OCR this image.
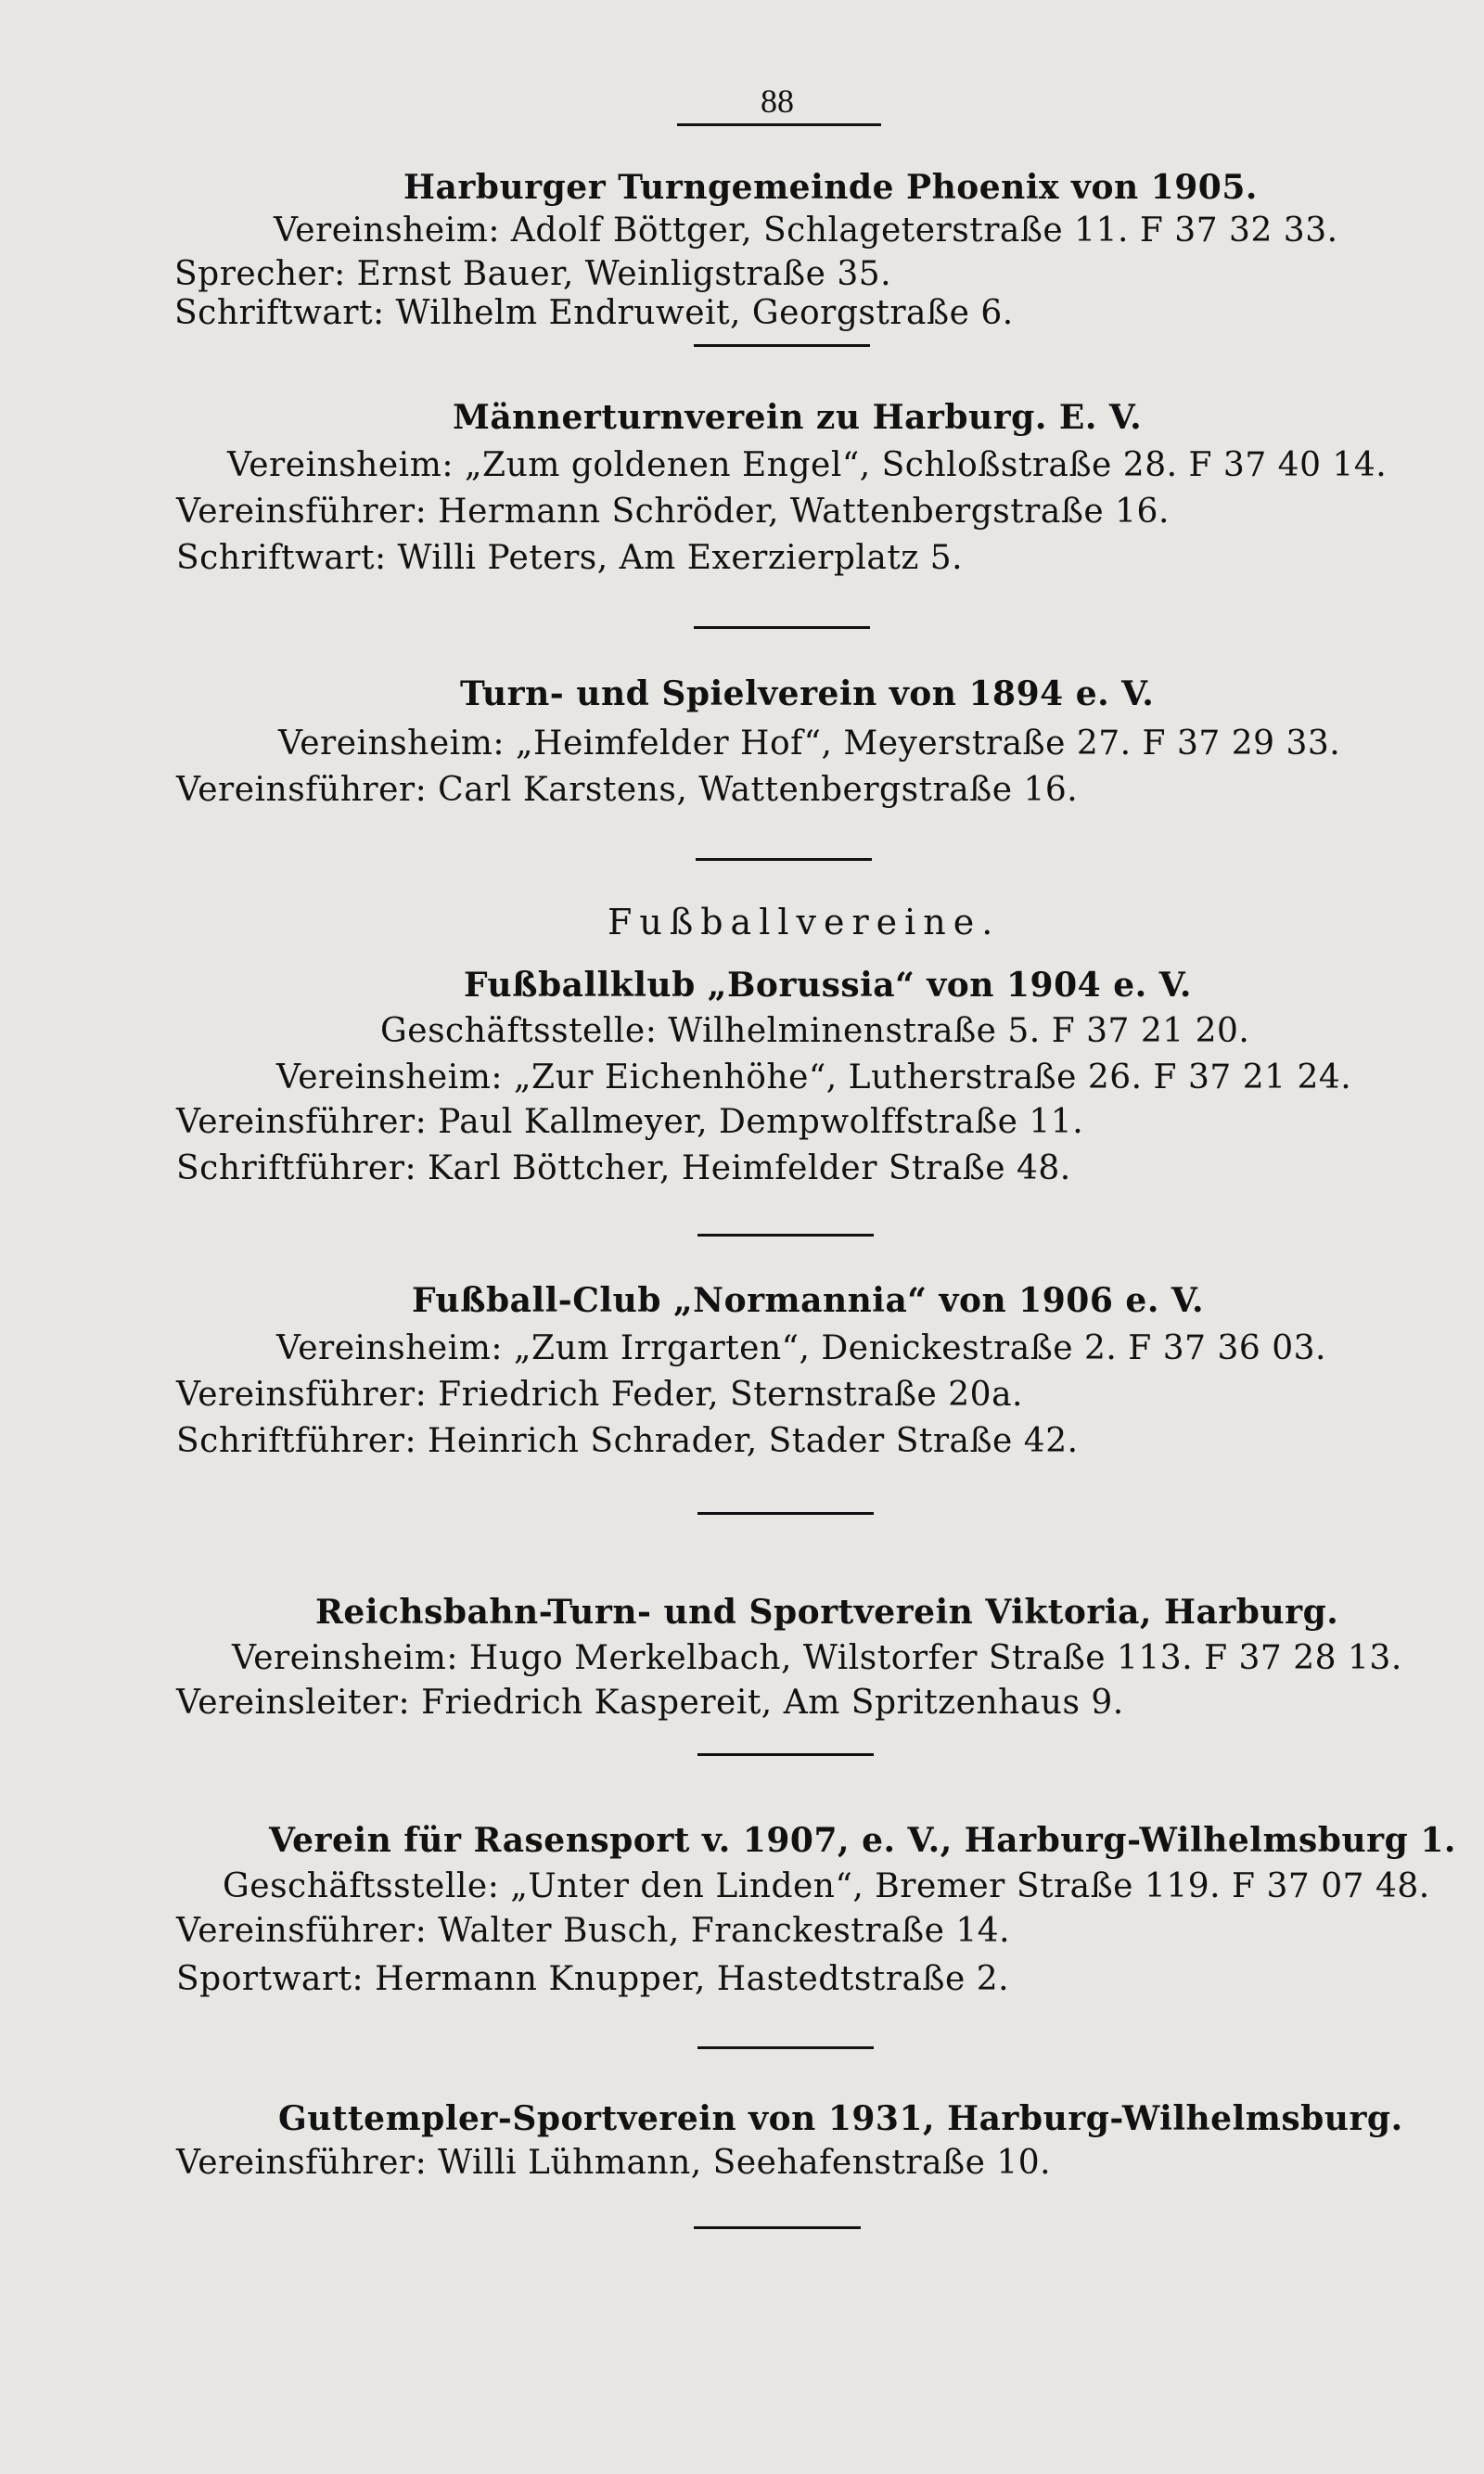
88
Harburger Turngemeinde Phoenix von 1905.
Vereinsheim: Adolf Böttger, Schlageterstraße 11. F 37 32 33.
Sprecher: Ernst Bauer, Weinligstraße 35.
Schriftwart: Wilhelm Endruweit, Georgstraße 6.
Männerturnverein zu Harburg. E. V.
Vereinsheim: „Zum goldenen Engel“, Schloßstraße 28. F 37 40 14.
Vereinsführer: Hermann Schröder, Wattenbergstraße 16.
Schriftwart: Willi Peters, Am Exerzierplatz 5.
Turn- und Spielverein von 1894 e. V.
Vereinsheim: „Heimfelder Hof“, Meyerstraße 27. F 37 29 33.
Vereinsführer: Carl Karstens, Wattenbergstraße 16.
Fußballvereine.
Fußballklub „Borussia“ von 1904 e. V.
Geschäftsstelle: Wilhelminenstraße 5. F 37 21 20.
Vereinsheim: „Zur Eichenhöhe“, Lutherstraße 26. F 37 21 24.
Vereinsführer: Paul Kallmeyer, Dempwolffstraße 11.
Schriftführer: Karl Böttcher, Heimfelder Straße 48.
Fußball-Club „Normannia“ von 1906 e. V.
Vereinsheim: „Zum Irrgarten“, Denickestraße 2. F 37 36 03.
Vereinsführer: Friedrich Feder, Sternstraße 20a.
Schriftführer: Heinrich Schrader, Stader Straße 42.
Reichsbahn-Turn- und Sportverein Viktoria, Harburg.
Vereinsheim: Hugo Merkelbach, Wilstorfer Straße 113. F 37 28 13.
Vereinsleiter: Friedrich Kaspereit, Am Spritzenhaus 9.
Verein für Rasensport v. 1907, e. V., Harburg-Wilhelmsburg 1.
Geschäftsstelle: „Unter den Linden“, Bremer Straße 119. F 37 07 48.
Vereinsführer: Walter Busch, Franckestraße 14.
Sportwart: Hermann Knupper, Hastedtstraße 2.
Guttempler-Sportverein von 1931, Harburg-Wilhelmsburg.
Vereinsführer: Willi Lühmann, Seehafenstraße 10.
